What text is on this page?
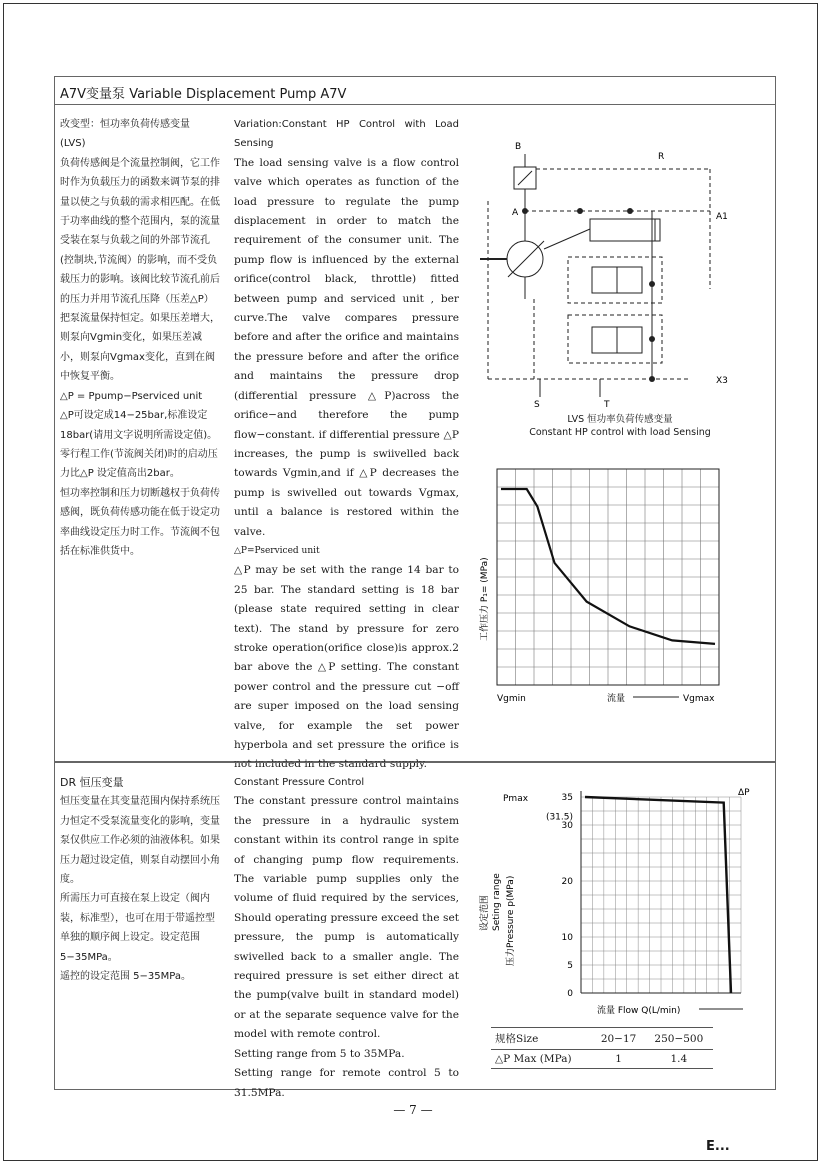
A7V变量泵 Variable Displacement Pump A7V

改变型：恒功率负荷传感变量

(LVS)

负荷传感阀是个流量控制阀，它工作时作为负载压力的函数来调节泵的排量以使之与负载的需求相匹配。在低于功率曲线的整个范围内，泵的流量受装在泵与负载之间的外部节流孔(控制块,节流阀）的影响，而不受负载压力的影响。该阀比较节流孔前后的压力并用节流孔压降（压差△P）把泵流量保持恒定。如果压差增大，则泵向Vgmin变化，如果压差减小，则泵向Vgmax变化，直到在阀中恢复平衡。

△P = Ppump−Pserviced unit

△P可设定成14−25bar,标准设定18bar(请用文字说明所需设定值)。零行程工作(节流阀关闭)时的启动压力比△P 设定值高出2bar。

恒功率控制和压力切断越权于负荷传感阀，既负荷传感功能在低于设定功率曲线设定压力时工作。节流阀不包括在标准供货中。

Variation:Constant HP Control with Load Sensing

The load sensing valve is a flow control valve which operates as function of the load pressure to regulate the pump displacement in order to match the requirement of the consumer unit. The pump flow is influenced by the external orifice(control black, throttle) fitted between pump and serviced unit , ber curve.The valve compares pressure before and after the orifice and maintains the pressure before and after the orifice and maintains the pressure drop (differential pressure △P)across the orifice−and therefore the pump flow−constant. if differential pressure △P increases, the pump is swiivelled back towards Vgmin,and if △P decreases the pump is swivelled out towards Vgmax, until a balance is restored within the valve.

△P=Pserviced unit

△P may be set with the range 14 bar to 25 bar. The standard setting is 18 bar (please state required setting in clear text). The stand by pressure for zero stroke operation(orifice close)is approx.2 bar above the △P setting. The constant power control and the pressure cut −off are super imposed on the load sensing valve, for example the set power hyperbola and set pressure the orifice is not included in the standard supply.

B
R
A	A1
S	T
X3
LVS 恒功率负荷传感变量
Constant HP control with load Sensing
工作压力 P₁= (MPa)
Vgmin	流量	Vgmax

DR 恒压变量

恒压变量在其变量范围内保持系统压力恒定不受泵流量变化的影响，变量泵仅供应工作必须的油液体积。如果压力超过设定值，则泵自动摆回小角度。

所需压力可直接在泵上设定（阀内装，标准型），也可在用于带遥控型单独的顺序阀上设定。设定范围 5−35MPa。

遥控的设定范围 5−35MPa。

Constant Pressure Control

The constant pressure control maintains the pressure in a hydraulic system constant within its control range in spite of changing pump flow requirements. The variable pump supplies only the volume of fluid required by the services, Should operating pressure exceed the set pressure, the pump is automatically swivelled back to a smaller angle. The required pressure is set either direct at the pump(valve built in standard model) or at the separate sequence valve for the model with remote control.

Setting range from 5 to 35MPa.

Setting range for remote control 5 to 31.5MPa.

35
(31.5)
30
20
10
5
0
Pmax
ΔP
设定范围 Seting range 压力Pressure p(MPa)
流量 Flow Q(L/min)
规格Size	20−17	250−500
△P Max (MPa)	1	1.4
— 7 —
E...
